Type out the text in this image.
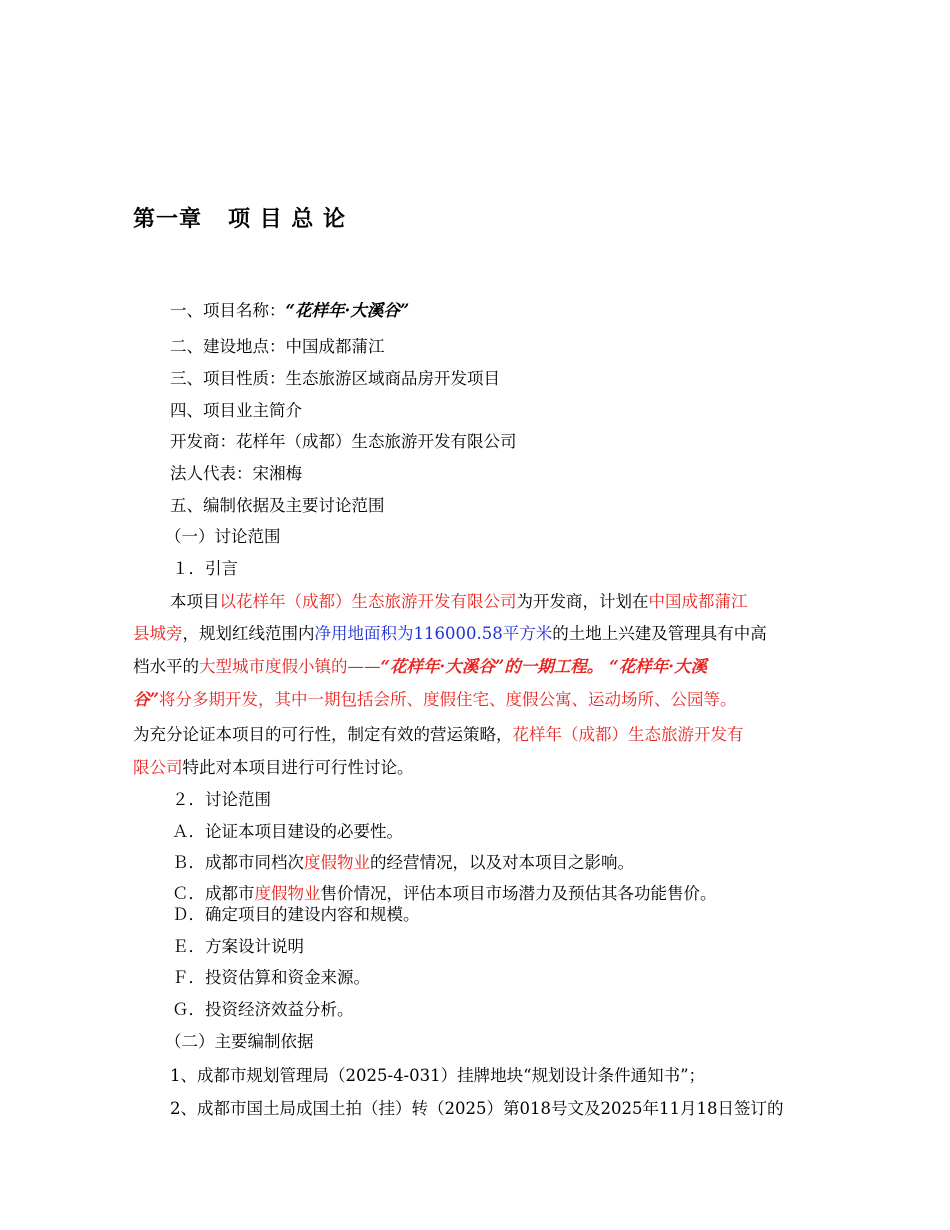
第一章   项 目 总 论
一、项目名称：“花样年·大溪谷”
二、建设地点：中国成都蒲江
三、项目性质：生态旅游区域商品房开发项目
四、项目业主简介
开发商：花样年（成都）生态旅游开发有限公司
法人代表：宋湘梅
五、编制依据及主要讨论范围
（一）讨论范围
１．引言
本项目以花样年（成都）生态旅游开发有限公司为开发商，计划在中国成都蒲江
县城旁，规划红线范围内净用地面积为116000.58平方米的土地上兴建及管理具有中高
档水平的大型城市度假小镇的——“花样年·大溪谷”的一期工程。 “花样年·大溪
谷”将分多期开发，其中一期包括会所、度假住宅、度假公寓、运动场所、公园等。
为充分论证本项目的可行性，制定有效的营运策略，花样年（成都）生态旅游开发有
限公司特此对本项目进行可行性讨论。
２．讨论范围
Ａ．论证本项目建设的必要性。
Ｂ．成都市同档次度假物业的经营情况，以及对本项目之影响。
Ｃ．成都市度假物业售价情况，评估本项目市场潜力及预估其各功能售价。
Ｄ．确定项目的建设内容和规模。
Ｅ．方案设计说明
Ｆ．投资估算和资金来源。
Ｇ．投资经济效益分析。
（二）主要编制依据
1、成都市规划管理局（2025-4-031）挂牌地块“规划设计条件通知书”；
2、成都市国土局成国土拍（挂）转（2025）第018号文及2025年11月18日签订的
